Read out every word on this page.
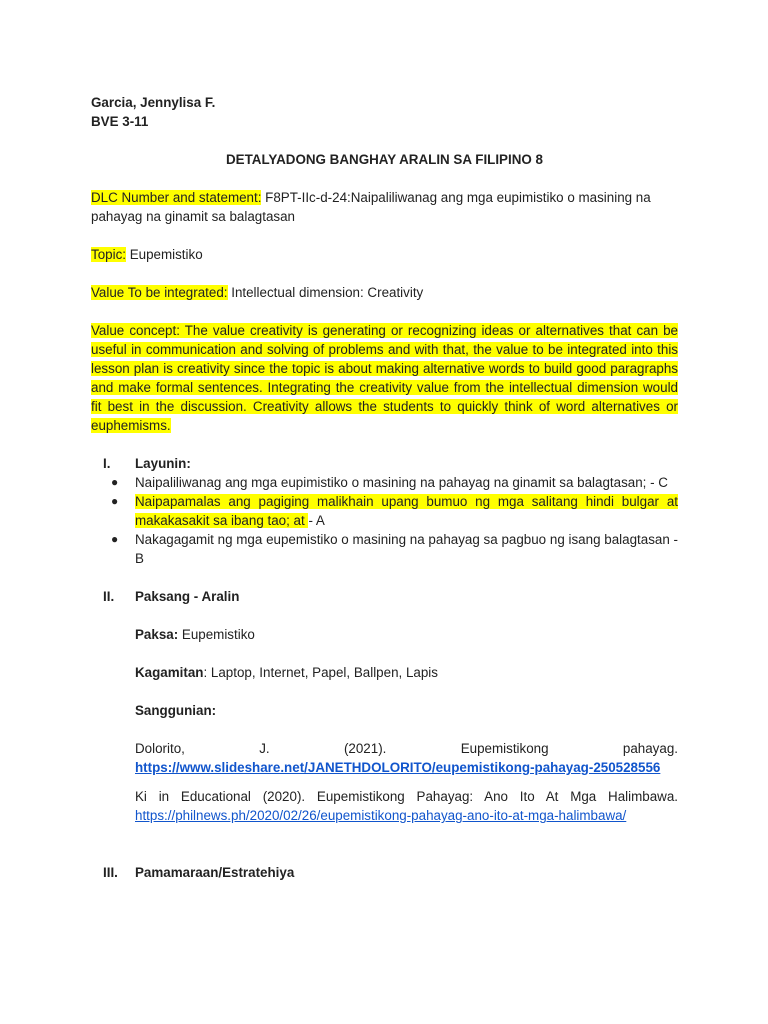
Garcia, Jennylisa F.

BVE 3-11

DETALYADONG BANGHAY ARALIN SA FILIPINO 8

DLC Number and statement: F8PT-IIc-d-24:Naipaliliwanag ang mga eupimistiko o masining na pahayag na ginamit sa balagtasan

Topic: Eupemistiko

Value To be integrated: Intellectual dimension: Creativity

Value concept: The value creativity is generating or recognizing ideas or alternatives that can be useful in communication and solving of problems and with that, the value to be integrated into this lesson plan is creativity since the topic is about making alternative words to build good paragraphs and make formal sentences. Integrating the creativity value from the intellectual dimension would fit best in the discussion. Creativity allows the students to quickly think of word alternatives or euphemisms.

I. Layunin:

● Naipaliliwanag ang mga eupimistiko o masining na pahayag na ginamit sa balagtasan; - C
● Naipapamalas ang pagiging malikhain upang bumuo ng mga salitang hindi bulgar at makakasakit sa ibang tao; at - A
● Nakagagamit ng mga eupemistiko o masining na pahayag sa pagbuo ng isang balagtasan - B
II. Paksang - Aralin

Paksa: Eupemistiko

Kagamitan: Laptop, Internet, Papel, Ballpen, Lapis

Sanggunian:

Dolorito, J. (2021). Eupemistikong pahayag.

https://www.slideshare.net/JANETHDOLORITO/eupemistikong-pahayag-250528556

Ki in Educational (2020). Eupemistikong Pahayag: Ano Ito At Mga Halimbawa.

https://philnews.ph/2020/02/26/eupemistikong-pahayag-ano-ito-at-mga-halimbawa/

III. Pamamaraan/Estratehiya
